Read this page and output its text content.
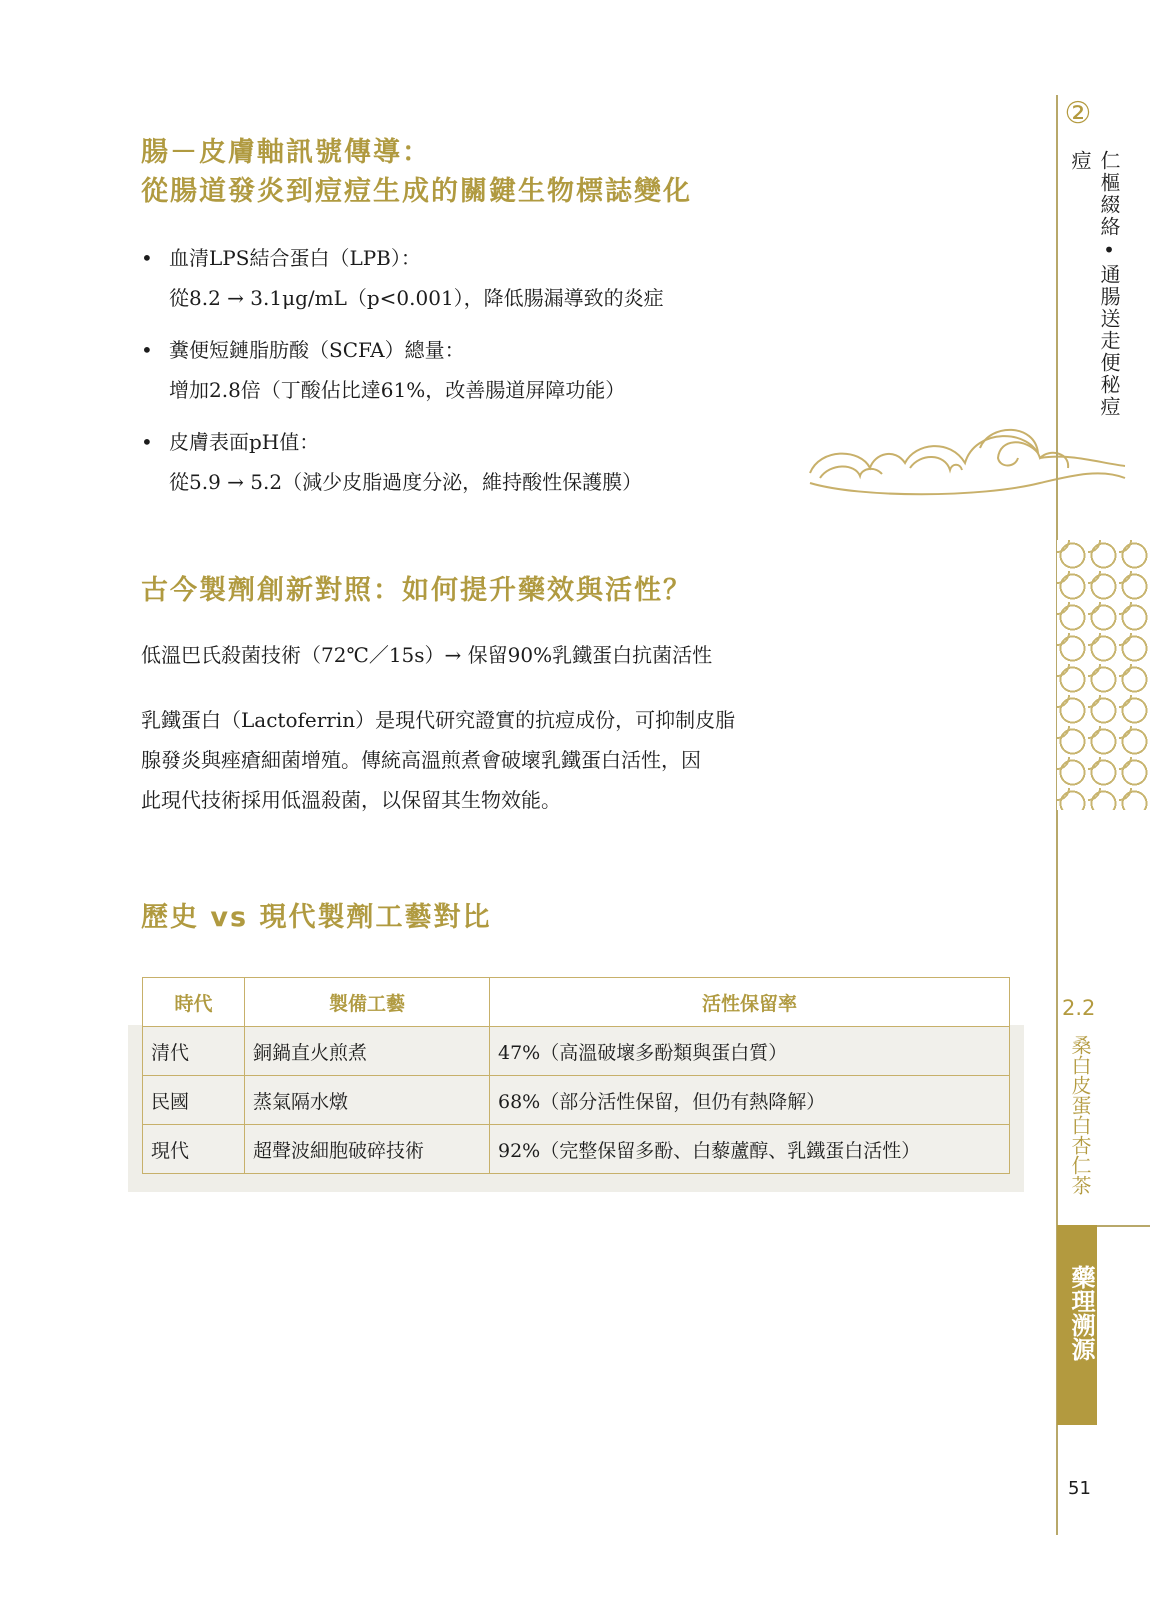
腸－皮膚軸訊號傳導：
從腸道發炎到痘痘生成的關鍵生物標誌變化
• 血清LPS結合蛋白（LPB）：
從8.2 → 3.1μg/mL（p<0.001），降低腸漏導致的炎症
• 糞便短鏈脂肪酸（SCFA）總量：
增加2.8倍（丁酸佔比達61%，改善腸道屏障功能）
• 皮膚表面pH值：
從5.9 → 5.2（減少皮脂過度分泌，維持酸性保護膜）
古今製劑創新對照：如何提升藥效與活性？

低溫巴氏殺菌技術（72℃／15s）→ 保留90%乳鐵蛋白抗菌活性

乳鐵蛋白（Lactoferrin）是現代研究證實的抗痘成份，可抑制皮脂

腺發炎與痤瘡細菌增殖。傳統高溫煎煮會破壞乳鐵蛋白活性，因

此現代技術採用低溫殺菌，以保留其生物效能。

歷史 vs 現代製劑工藝對比
時代	製備工藝	活性保留率
清代	銅鍋直火煎煮	47%（高溫破壞多酚類與蛋白質）
民國	蒸氣隔水燉	68%（部分活性保留，但仍有熱降解）
現代	超聲波細胞破碎技術	92%（完整保留多酚、白藜蘆醇、乳鐵蛋白活性）
②
仁樞綴絡•通腸送走便秘痘痘
2.2
桑白皮蛋白杏仁茶
藥理溯源
51
